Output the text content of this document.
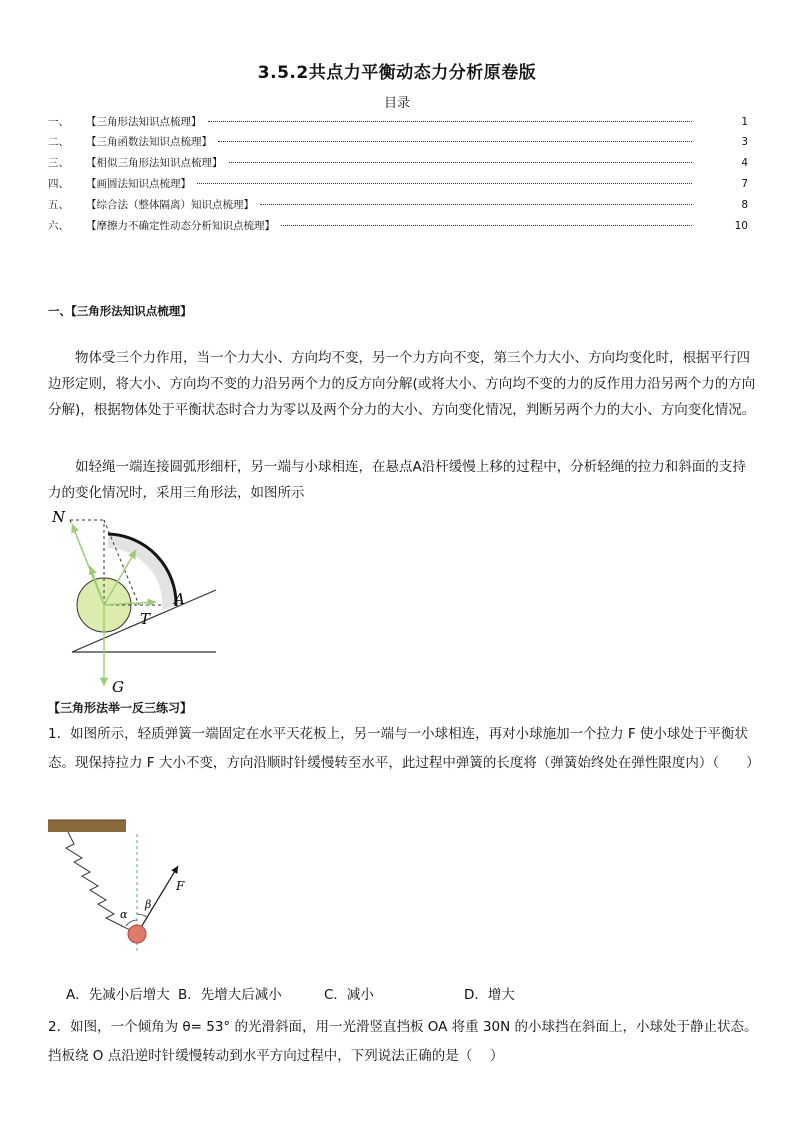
3.5.2共点力平衡动态力分析原卷版
目录
一、	【三角形法知识点梳理】	1
二、	【三角函数法知识点梳理】	3
三、	【相似三角形法知识点梳理】	4
四、	【画圆法知识点梳理】	7
五、	【综合法（整体隔离）知识点梳理】	8
六、	【摩擦力不确定性动态分析知识点梳理】	10
一、【三角形法知识点梳理】
物体受三个力作用，当一个力大小、方向均不变，另一个力方向不变，第三个力大小、方向均变化时，根据平行四边形定则，将大小、方向均不变的力沿另两个力的反方向分解(或将大小、方向均不变的力的反作用力沿另两个力的方向分解)，根据物体处于平衡状态时合力为零以及两个分力的大小、方向变化情况，判断另两个力的大小、方向变化情况。
如轻绳一端连接圆弧形细杆，另一端与小球相连，在悬点A沿杆缓慢上移的过程中，分析轻绳的拉力和斜面的支持力的变化情况时，采用三角形法，如图所示
N
A
T
G
【三角形法举一反三练习】
1．如图所示，轻质弹簧一端固定在水平天花板上，另一端与一小球相连，再对小球施加一个拉力 F 使小球处于平衡状态。现保持拉力 F 大小不变，方向沿顺时针缓慢转至水平，此过程中弹簧的长度将（弹簧始终处在弹性限度内）（　　）
α
β
F
A．先减小后增大 B．先增大后减小	C．减小	D．增大
2．如图，一个倾角为 θ= 53° 的光滑斜面，用一光滑竖直挡板 OA 将重 30N 的小球挡在斜面上，小球处于静止状态。挡板绕 O 点沿逆时针缓慢转动到水平方向过程中，下列说法正确的是（　 ）
